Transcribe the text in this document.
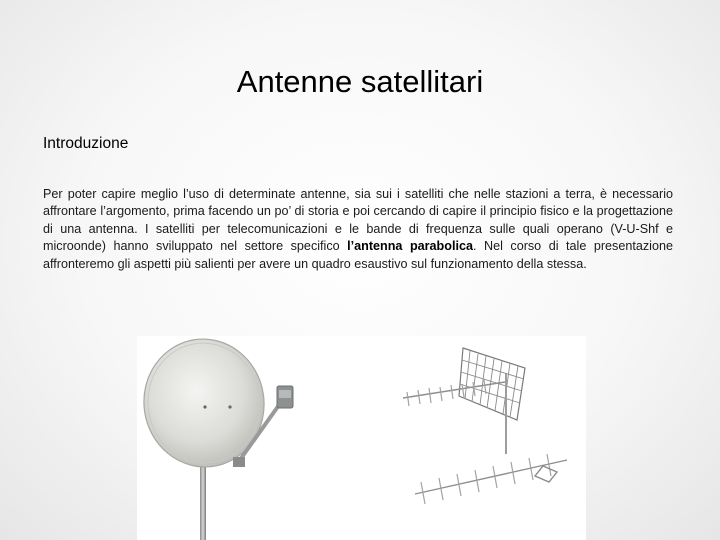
Antenne satellitari
Introduzione

Per poter capire meglio l’uso di determinate antenne, sia sui i satelliti che nelle stazioni a terra, è necessario affrontare l’argomento, prima facendo un po’ di storia e poi cercando di capire il principio fisico e la progettazione di una antenna. I satelliti per telecomunicazioni e le bande di frequenza sulle quali operano (V-U-Shf e microonde) hanno sviluppato nel settore specifico l’antenna parabolica. Nel corso di tale presentazione affronteremo gli aspetti più salienti per avere un quadro esaustivo sul funzionamento della stessa.
